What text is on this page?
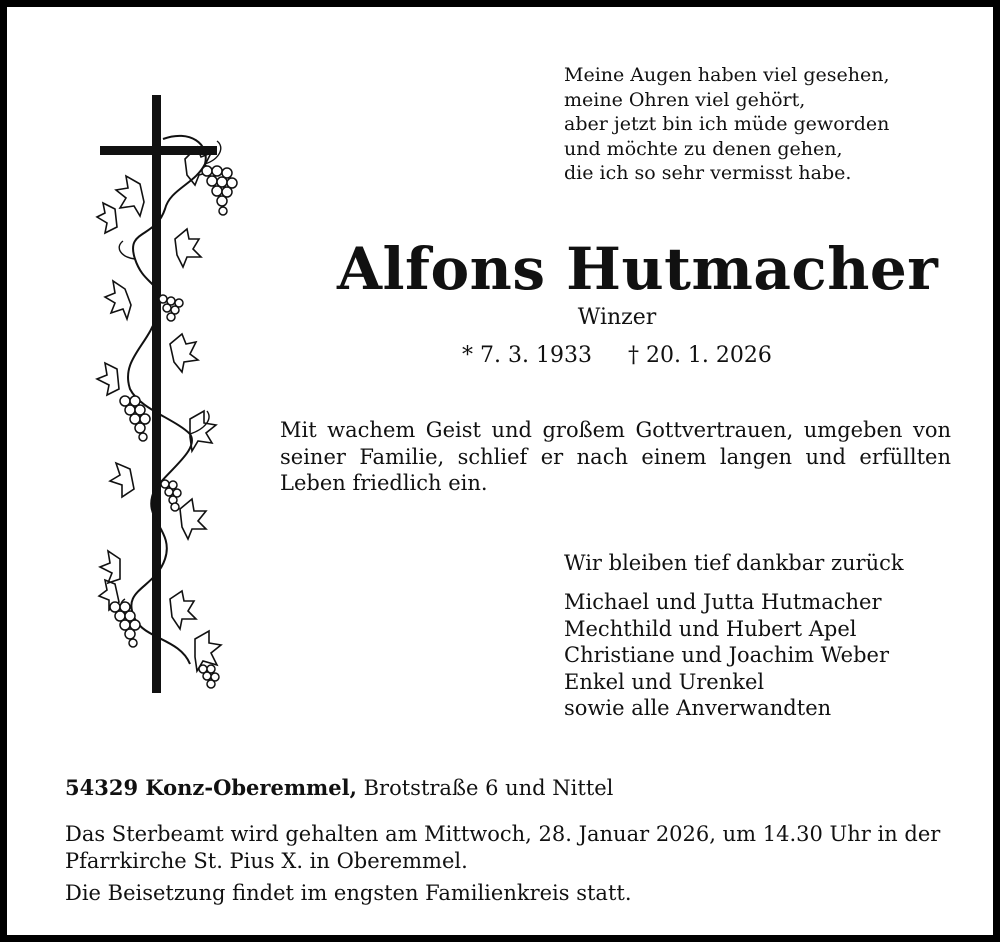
Meine Augen haben viel gesehen,
meine Ohren viel gehört,
aber jetzt bin ich müde geworden
und möchte zu denen gehen,
die ich so sehr vermisst habe.
Alfons Hutmacher
Winzer
* 7. 3. 1933 † 20. 1. 2026
Mit wachem Geist und großem Gottvertrauen, umgeben von seiner Familie, schlief er nach einem langen und erfüllten Leben friedlich ein.
Wir bleiben tief dankbar zurück
Michael und Jutta Hutmacher
Mechthild und Hubert Apel
Christiane und Joachim Weber
Enkel und Urenkel
sowie alle Anverwandten
54329 Konz-Oberemmel, Brotstraße 6 und Nittel
Das Sterbeamt wird gehalten am Mittwoch, 28. Januar 2026, um 14.30 Uhr in der Pfarrkirche St. Pius X. in Oberemmel.
Die Beisetzung findet im engsten Familienkreis statt.
